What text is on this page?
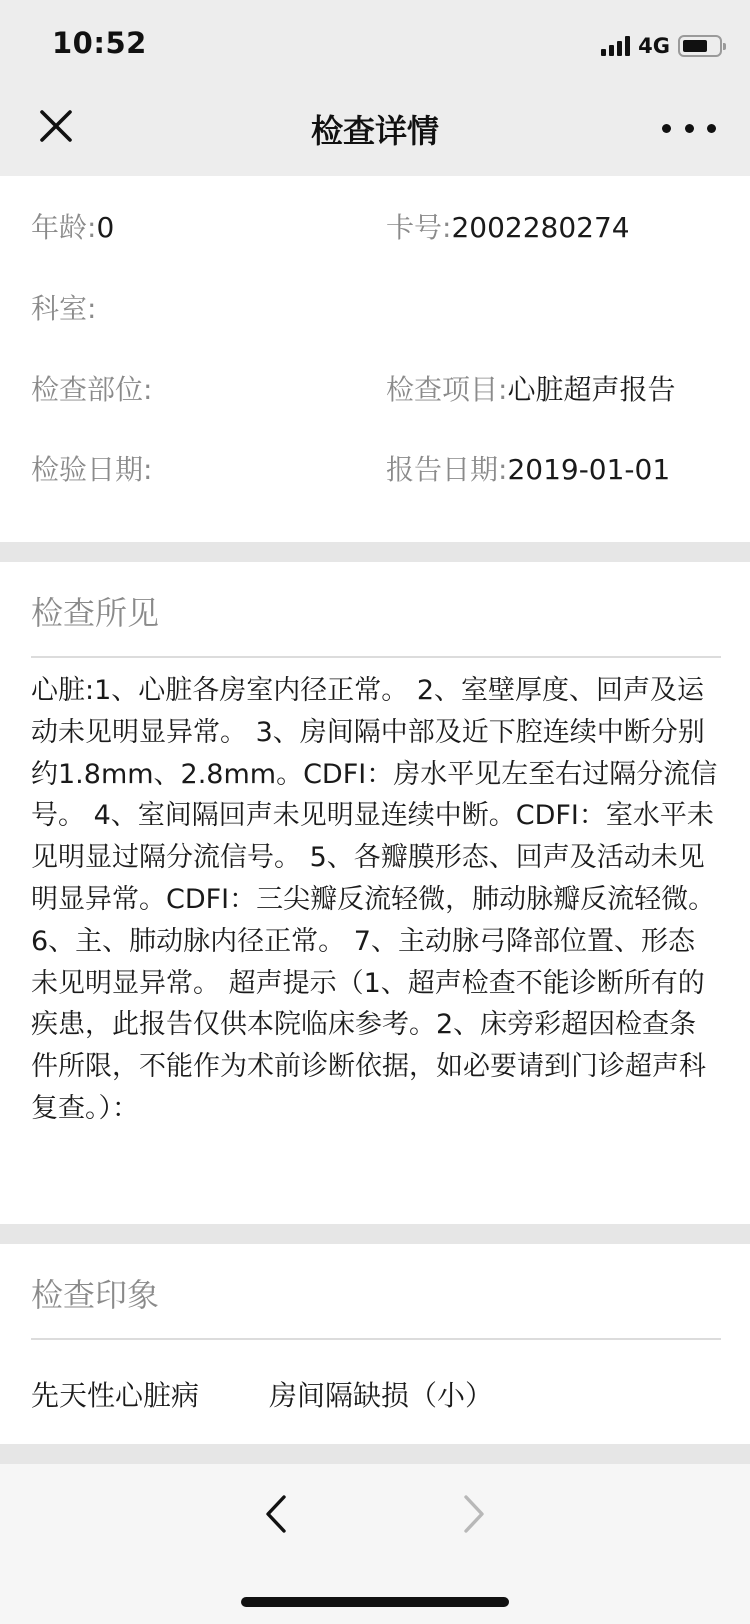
10:52	4G
检查详情
年龄:0	卡号:2002280274
科室:
检查部位:	检查项目:心脏超声报告
检验日期:	报告日期:2019-01-01
检查所见
心脏:1、心脏各房室内径正常。 2、室壁厚度、回声及运动未见明显异常。 3、房间隔中部及近下腔连续中断分别约1.8mm、2.8mm。CDFI：房水平见左至右过隔分流信号。 4、室间隔回声未见明显连续中断。CDFI：室水平未见明显过隔分流信号。 5、各瓣膜形态、回声及活动未见明显异常。CDFI：三尖瓣反流轻微，肺动脉瓣反流轻微。 6、主、肺动脉内径正常。 7、主动脉弓降部位置、形态未见明显异常。 超声提示（1、超声检查不能诊断所有的疾患，此报告仅供本院临床参考。2、床旁彩超因检查条件所限，不能作为术前诊断依据，如必要请到门诊超声科复查。）：
检查印象
先天性心脏病	房间隔缺损（小）
